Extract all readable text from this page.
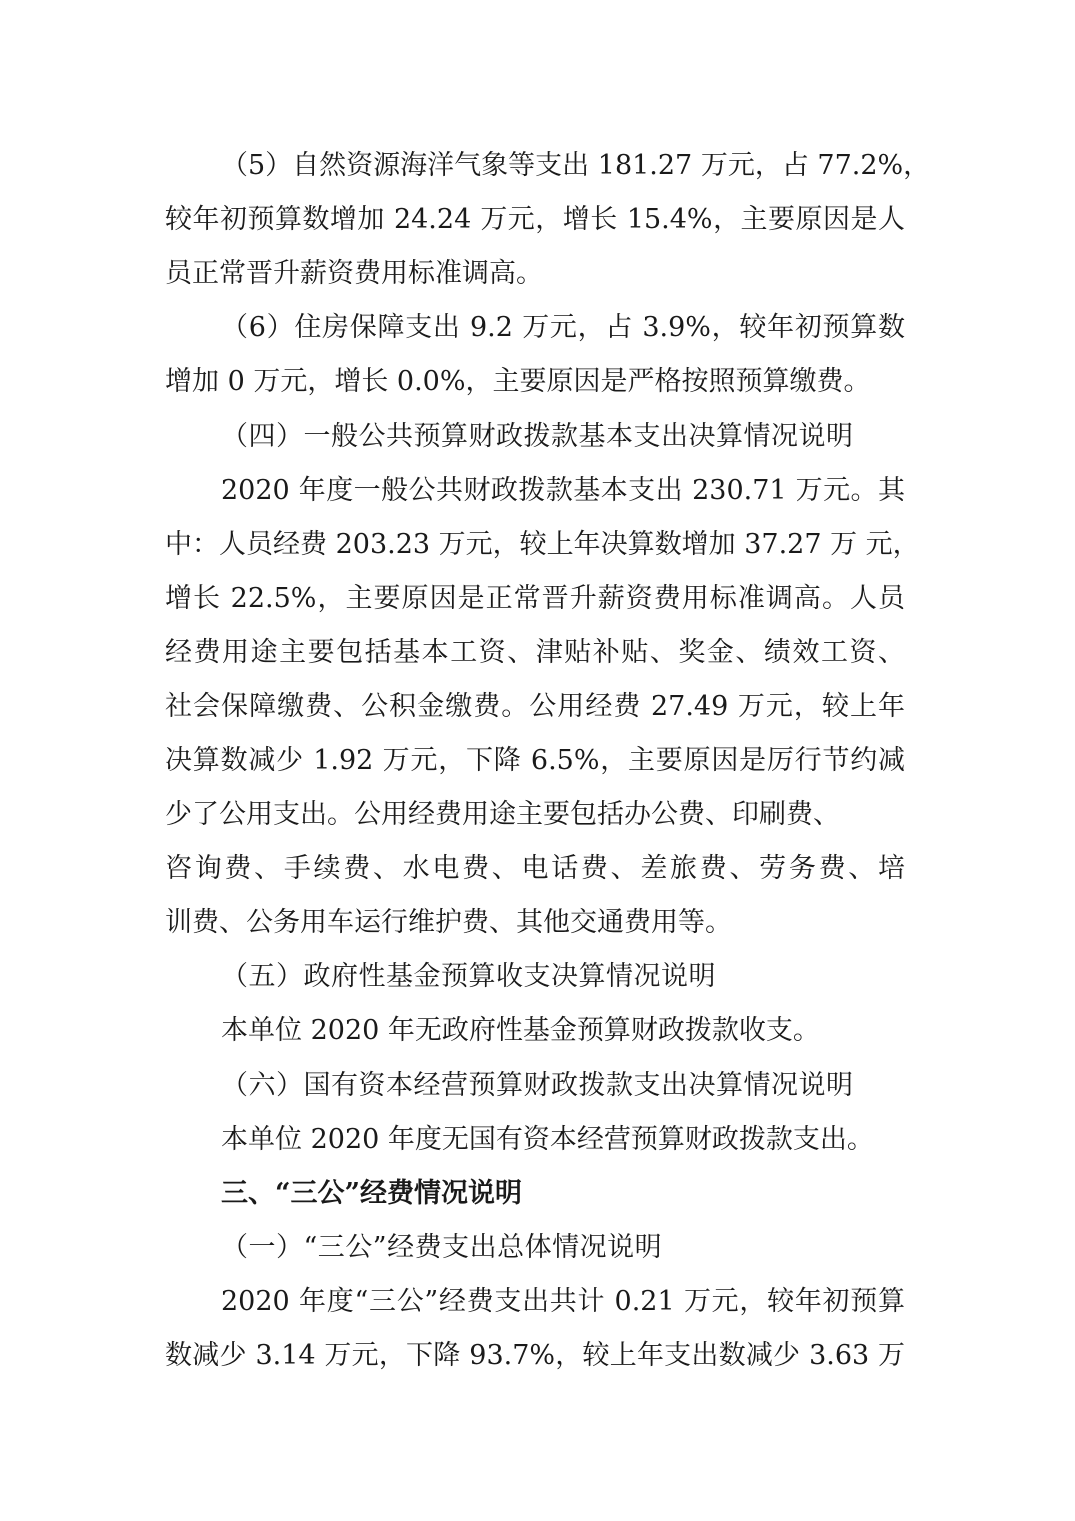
（5）自然资源海洋气象等支出 181.27 万元，占 77.2%，
较年初预算数增加 24.24 万元，增长 15.4%，主要原因是人
员正常晋升薪资费用标准调高。
（6）住房保障支出 9.2 万元，占 3.9%，较年初预算数
增加 0 万元，增长 0.0%，主要原因是严格按照预算缴费。
（四）一般公共预算财政拨款基本支出决算情况说明
2020 年度一般公共财政拨款基本支出 230.71 万元。其
中：人员经费 203.23 万元，较上年决算数增加 37.27 万 元，
增长 22.5%，主要原因是正常晋升薪资费用标准调高。人员
经费用途主要包括基本工资、津贴补贴、奖金、绩效工资、
社会保障缴费、公积金缴费。公用经费 27.49 万元，较上年
决算数减少 1.92 万元，下降 6.5%，主要原因是厉行节约减
少了公用支出。公用经费用途主要包括办公费、印刷费、
咨询费、手续费、水电费、电话费、差旅费、劳务费、培
训费、公务用车运行维护费、其他交通费用等。
（五）政府性基金预算收支决算情况说明
本单位 2020 年无政府性基金预算财政拨款收支。
（六）国有资本经营预算财政拨款支出决算情况说明
本单位 2020 年度无国有资本经营预算财政拨款支出。
三、“三公”经费情况说明
（一）“三公”经费支出总体情况说明
2020 年度“三公”经费支出共计 0.21 万元，较年初预算
数减少 3.14 万元，下降 93.7%，较上年支出数减少 3.63 万
